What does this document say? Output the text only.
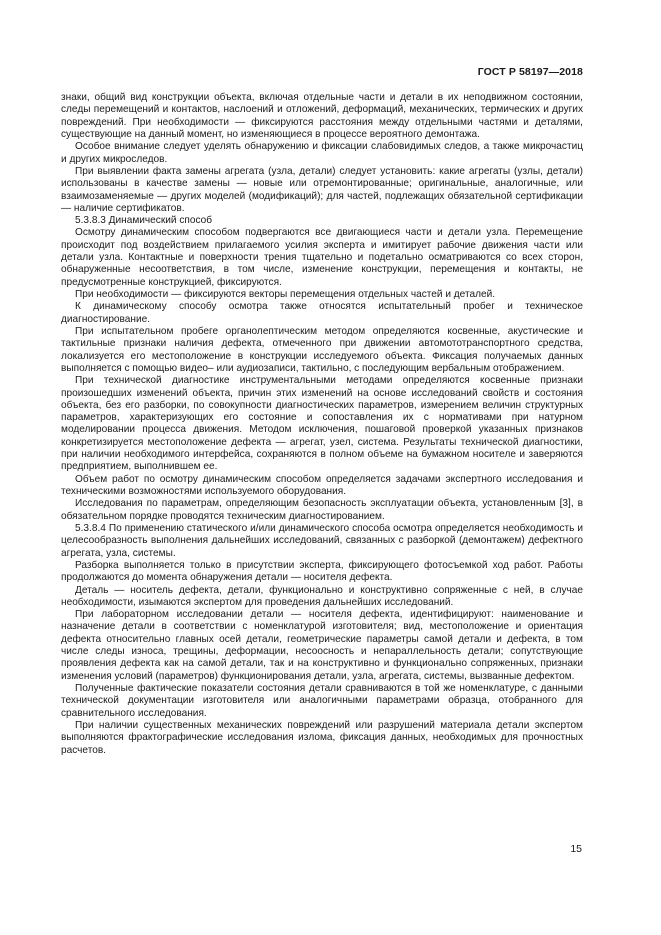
ГОСТ Р 58197—2018

знаки, общий вид конструкции объекта, включая отдельные части и детали в их неподвижном состоянии, следы перемещений и контактов, наслоений и отложений, деформаций, механических, термических и других повреждений. При необходимости — фиксируются расстояния между отдельными частями и деталями, существующие на данный момент, но изменяющиеся в процессе вероятного демонтажа.

Особое внимание следует уделять обнаружению и фиксации слабовидимых следов, а также микрочастиц и других микроследов.

При выявлении факта замены агрегата (узла, детали) следует установить: какие агрегаты (узлы, детали) использованы в качестве замены — новые или отремонтированные; оригинальные, аналогичные, или взаимозаменяемые — других моделей (модификаций); для частей, подлежащих обязательной сертификации — наличие сертификатов.

5.3.8.3 Динамический способ

Осмотру динамическим способом подвергаются все двигающиеся части и детали узла. Перемещение происходит под воздействием прилагаемого усилия эксперта и имитирует рабочие движения части или детали узла. Контактные и поверхности трения тщательно и подетально осматриваются со всех сторон, обнаруженные несоответствия, в том числе, изменение конструкции, перемещения и контакты, не предусмотренные конструкцией, фиксируются.

При необходимости — фиксируются векторы перемещения отдельных частей и деталей.

К динамическому способу осмотра также относятся испытательный пробег и техническое диагностирование.

При испытательном пробеге органолептическим методом определяются косвенные, акустические и тактильные признаки наличия дефекта, отмеченного при движении автомототранспортного средства, локализуется его местоположение в конструкции исследуемого объекта. Фиксация получаемых данных выполняется с помощью видео– или аудиозаписи, тактильно, с последующим вербальным отображением.

При технической диагностике инструментальными методами определяются косвенные признаки произошедших изменений объекта, причин этих изменений на основе исследований свойств и состояния объекта, без его разборки, по совокупности диагностических параметров, измерением величин структурных параметров, характеризующих его состояние и сопоставления их с нормативами при натурном моделировании процесса движения. Методом исключения, пошаговой проверкой указанных признаков конкретизируется местоположение дефекта — агрегат, узел, система. Результаты технической диагностики, при наличии необходимого интерфейса, сохраняются в полном объеме на бумажном носителе и заверяются предприятием, выполнившем ее.

Объем работ по осмотру динамическим способом определяется задачами экспертного исследования и техническими возможностями используемого оборудования.

Исследования по параметрам, определяющим безопасность эксплуатации объекта, установленным [3], в обязательном порядке проводятся техническим диагностированием.

5.3.8.4 По применению статического и/или динамического способа осмотра определяется необходимость и целесообразность выполнения дальнейших исследований, связанных с разборкой (демонтажем) дефектного агрегата, узла, системы.

Разборка выполняется только в присутствии эксперта, фиксирующего фотосъемкой ход работ. Работы продолжаются до момента обнаружения детали — носителя дефекта.

Деталь — носитель дефекта, детали, функционально и конструктивно сопряженные с ней, в случае необходимости, изымаются экспертом для проведения дальнейших исследований.

При лабораторном исследовании детали — носителя дефекта, идентифицируют: наименование и назначение детали в соответствии с номенклатурой изготовителя; вид, местоположение и ориентация дефекта относительно главных осей детали, геометрические параметры самой детали и дефекта, в том числе следы износа, трещины, деформации, несоосность и непараллельность детали; сопутствующие проявления дефекта как на самой детали, так и на конструктивно и функционально сопряженных, признаки изменения условий (параметров) функционирования детали, узла, агрегата, системы, вызванные дефектом.

Полученные фактические показатели состояния детали сравниваются в той же номенклатуре, с данными технической документации изготовителя или аналогичными параметрами образца, отобранного для сравнительного исследования.

При наличии существенных механических повреждений или разрушений материала детали экспертом выполняются фрактографические исследования излома, фиксация данных, необходимых для прочностных расчетов.

15
